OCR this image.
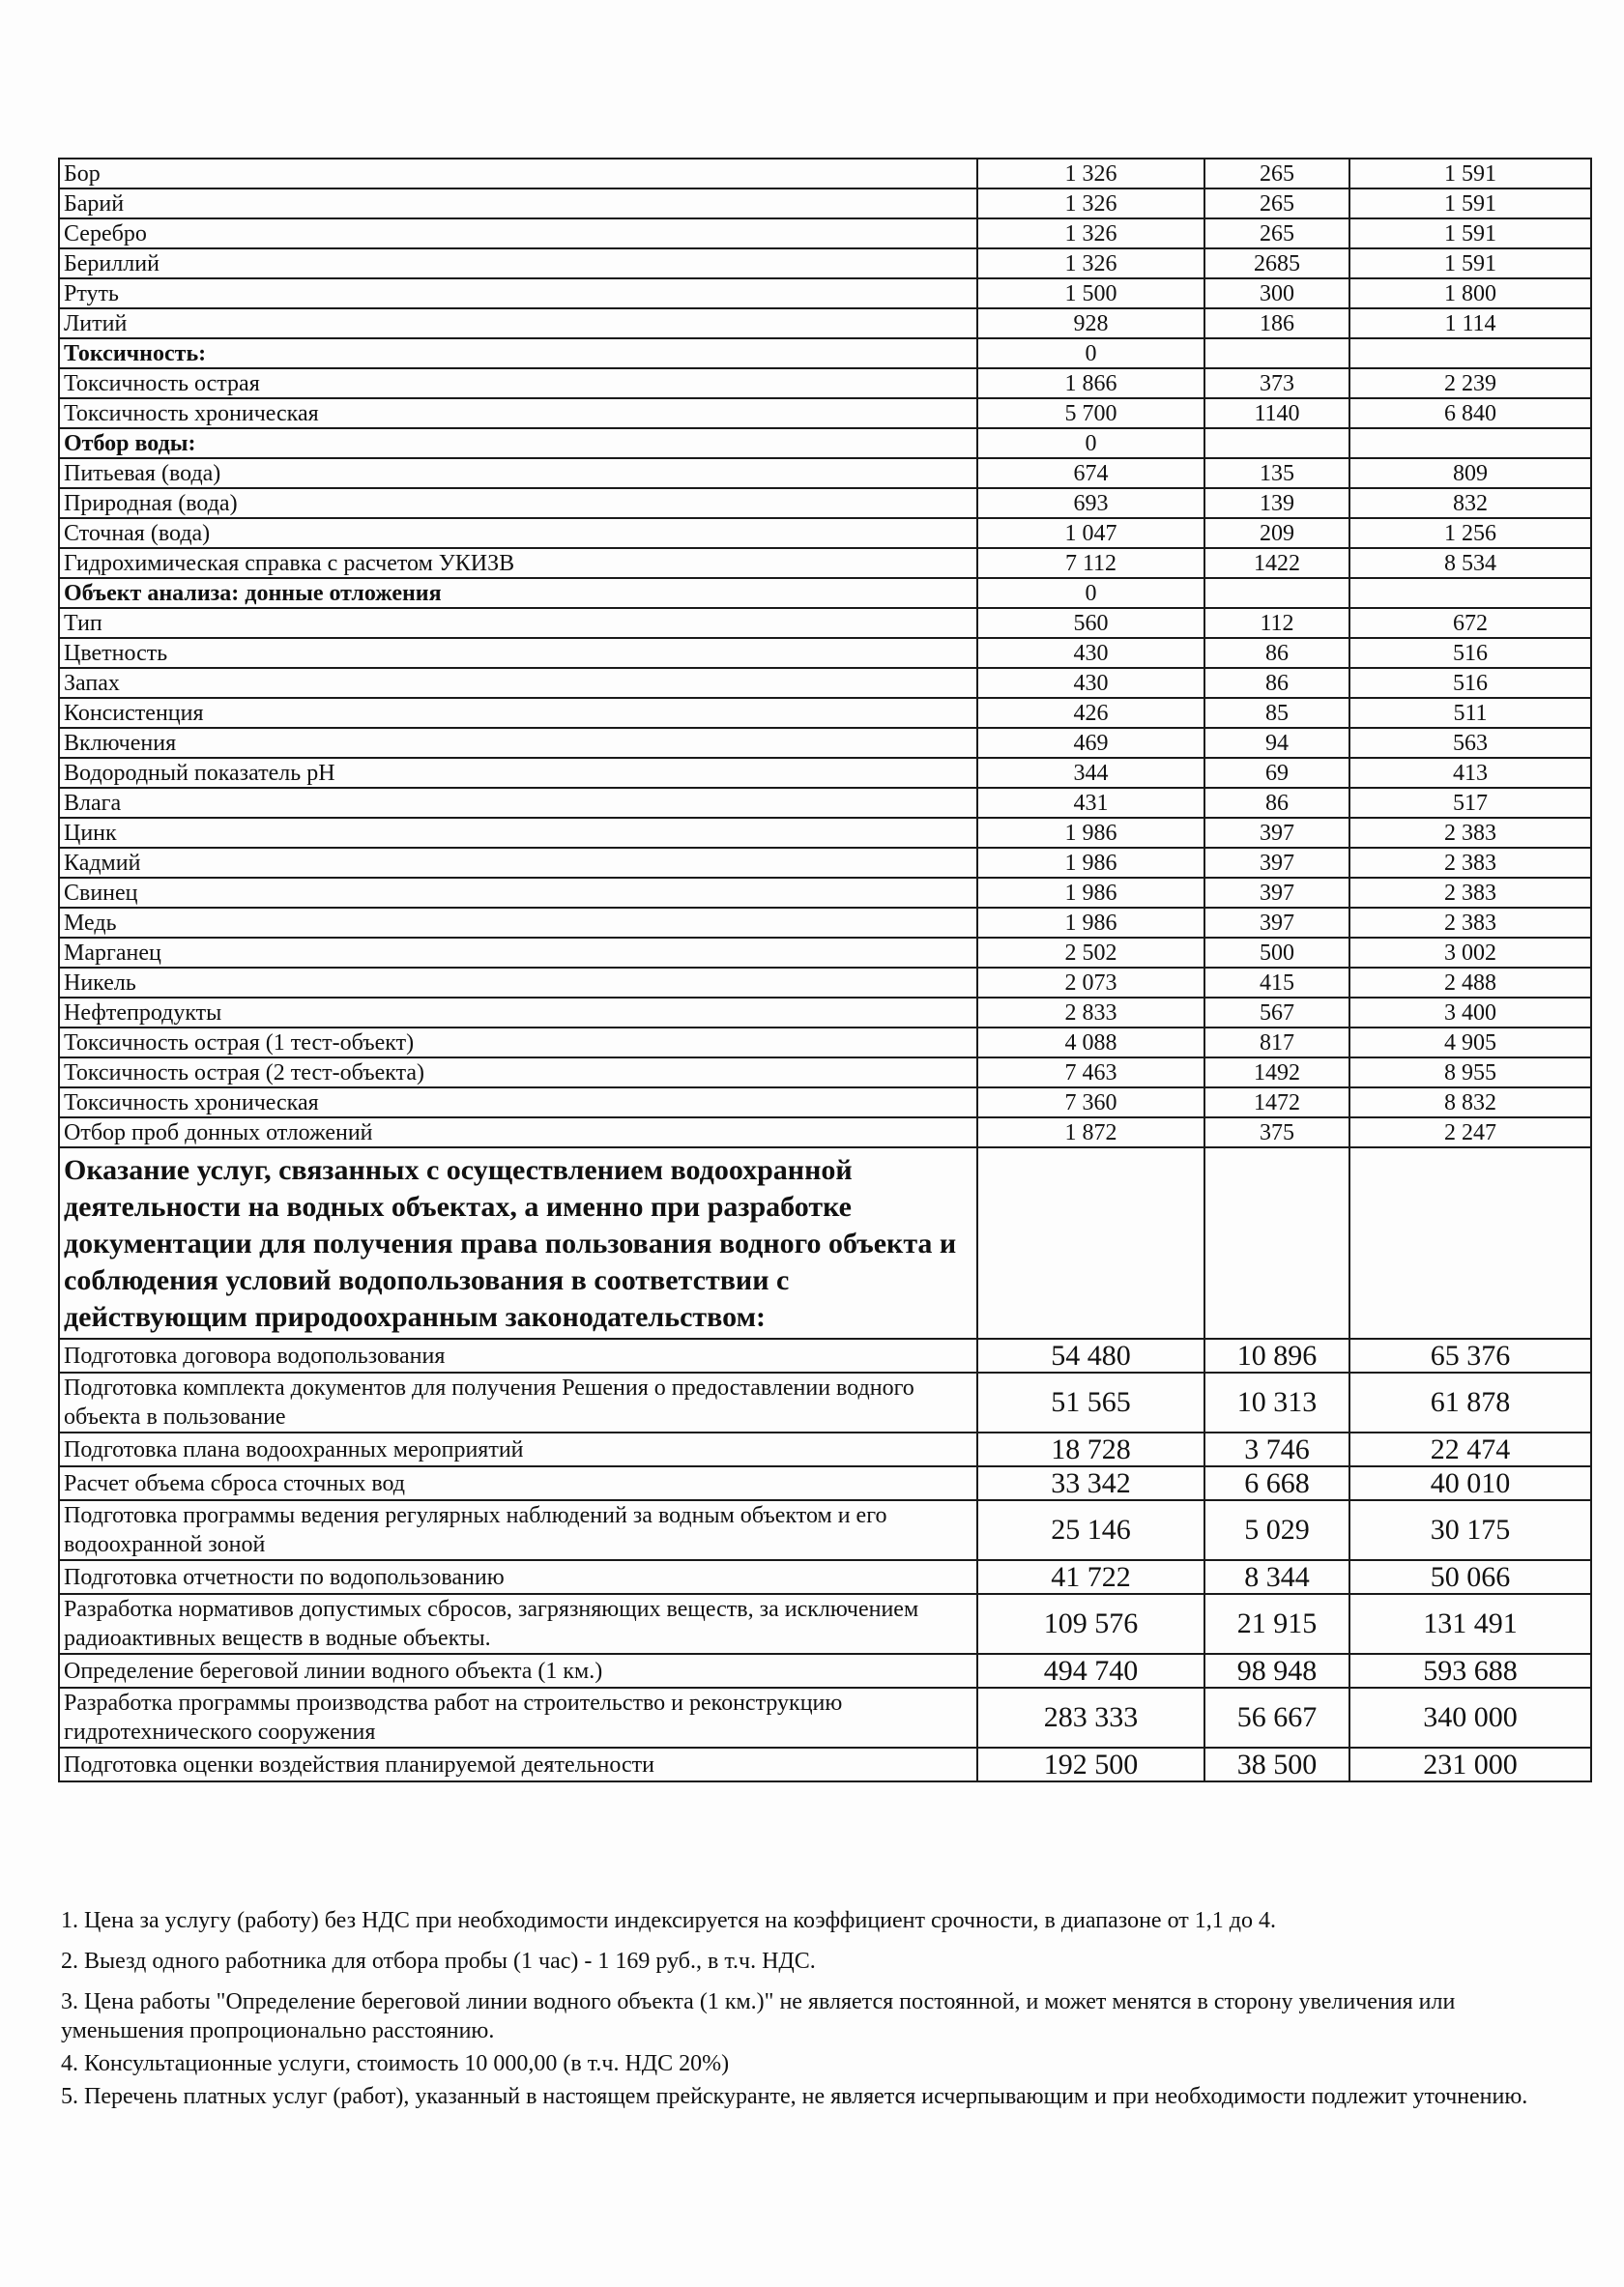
Бор	1 326	265	1 591
Барий	1 326	265	1 591
Серебро	1 326	265	1 591
Бериллий	1 326	2685	1 591
Ртуть	1 500	300	1 800
Литий	928	186	1 114
Токсичность:	0		
Токсичность острая	1 866	373	2 239
Токсичность хроническая	5 700	1140	6 840
Отбор воды:	0		
Питьевая (вода)	674	135	809
Природная (вода)	693	139	832
Сточная (вода)	1 047	209	1 256
Гидрохимическая справка с расчетом УКИЗВ	7 112	1422	8 534
Объект анализа: донные отложения	0		
Тип	560	112	672
Цветность	430	86	516
Запах	430	86	516
Консистенция	426	85	511
Включения	469	94	563
Водородный показатель pH	344	69	413
Влага	431	86	517
Цинк	1 986	397	2 383
Кадмий	1 986	397	2 383
Свинец	1 986	397	2 383
Медь	1 986	397	2 383
Марганец	2 502	500	3 002
Никель	2 073	415	2 488
Нефтепродукты	2 833	567	3 400
Токсичность острая (1 тест-объект)	4 088	817	4 905
Токсичность острая (2 тест-объекта)	7 463	1492	8 955
Токсичность хроническая	7 360	1472	8 832
Отбор проб донных отложений	1 872	375	2 247
Оказание услуг, связанных с осуществлением водоохранной деятельности на водных объектах, а именно при разработке документации для получения права пользования водного объекта и соблюдения условий водопользования в соответствии с действующим природоохранным законодательством:			
Подготовка договора водопользования	54 480	10 896	65 376
Подготовка комплекта документов для получения Решения о предоставлении водного объекта в пользование	51 565	10 313	61 878
Подготовка плана водоохранных мероприятий	18 728	3 746	22 474
Расчет объема сброса сточных вод	33 342	6 668	40 010
Подготовка программы ведения регулярных наблюдений за водным объектом и его водоохранной зоной	25 146	5 029	30 175
Подготовка отчетности по водопользованию	41 722	8 344	50 066
Разработка нормативов допустимых сбросов, загрязняющих веществ, за исключением радиоактивных веществ в водные объекты.	109 576	21 915	131 491
Определение береговой линии водного объекта (1 км.)	494 740	98 948	593 688
Разработка программы производства работ на строительство и реконструкцию гидротехнического сооружения	283 333	56 667	340 000
Подготовка оценки воздействия планируемой деятельности	192 500	38 500	231 000

1. Цена за услугу (работу) без НДС при необходимости индексируется на коэффициент срочности, в диапазоне от 1,1 до 4.

2. Выезд одного работника для отбора пробы (1 час) - 1 169 руб., в т.ч. НДС.

3. Цена работы "Определение береговой линии водного объекта (1 км.)" не является постоянной, и может менятся в сторону увеличения или уменьшения пропроционально расстоянию.

4. Консультационные услуги, стоимость 10 000,00 (в т.ч. НДС 20%)

5. Перечень платных услуг (работ), указанный в настоящем прейскуранте, не является исчерпывающим и при необходимости подлежит уточнению.
